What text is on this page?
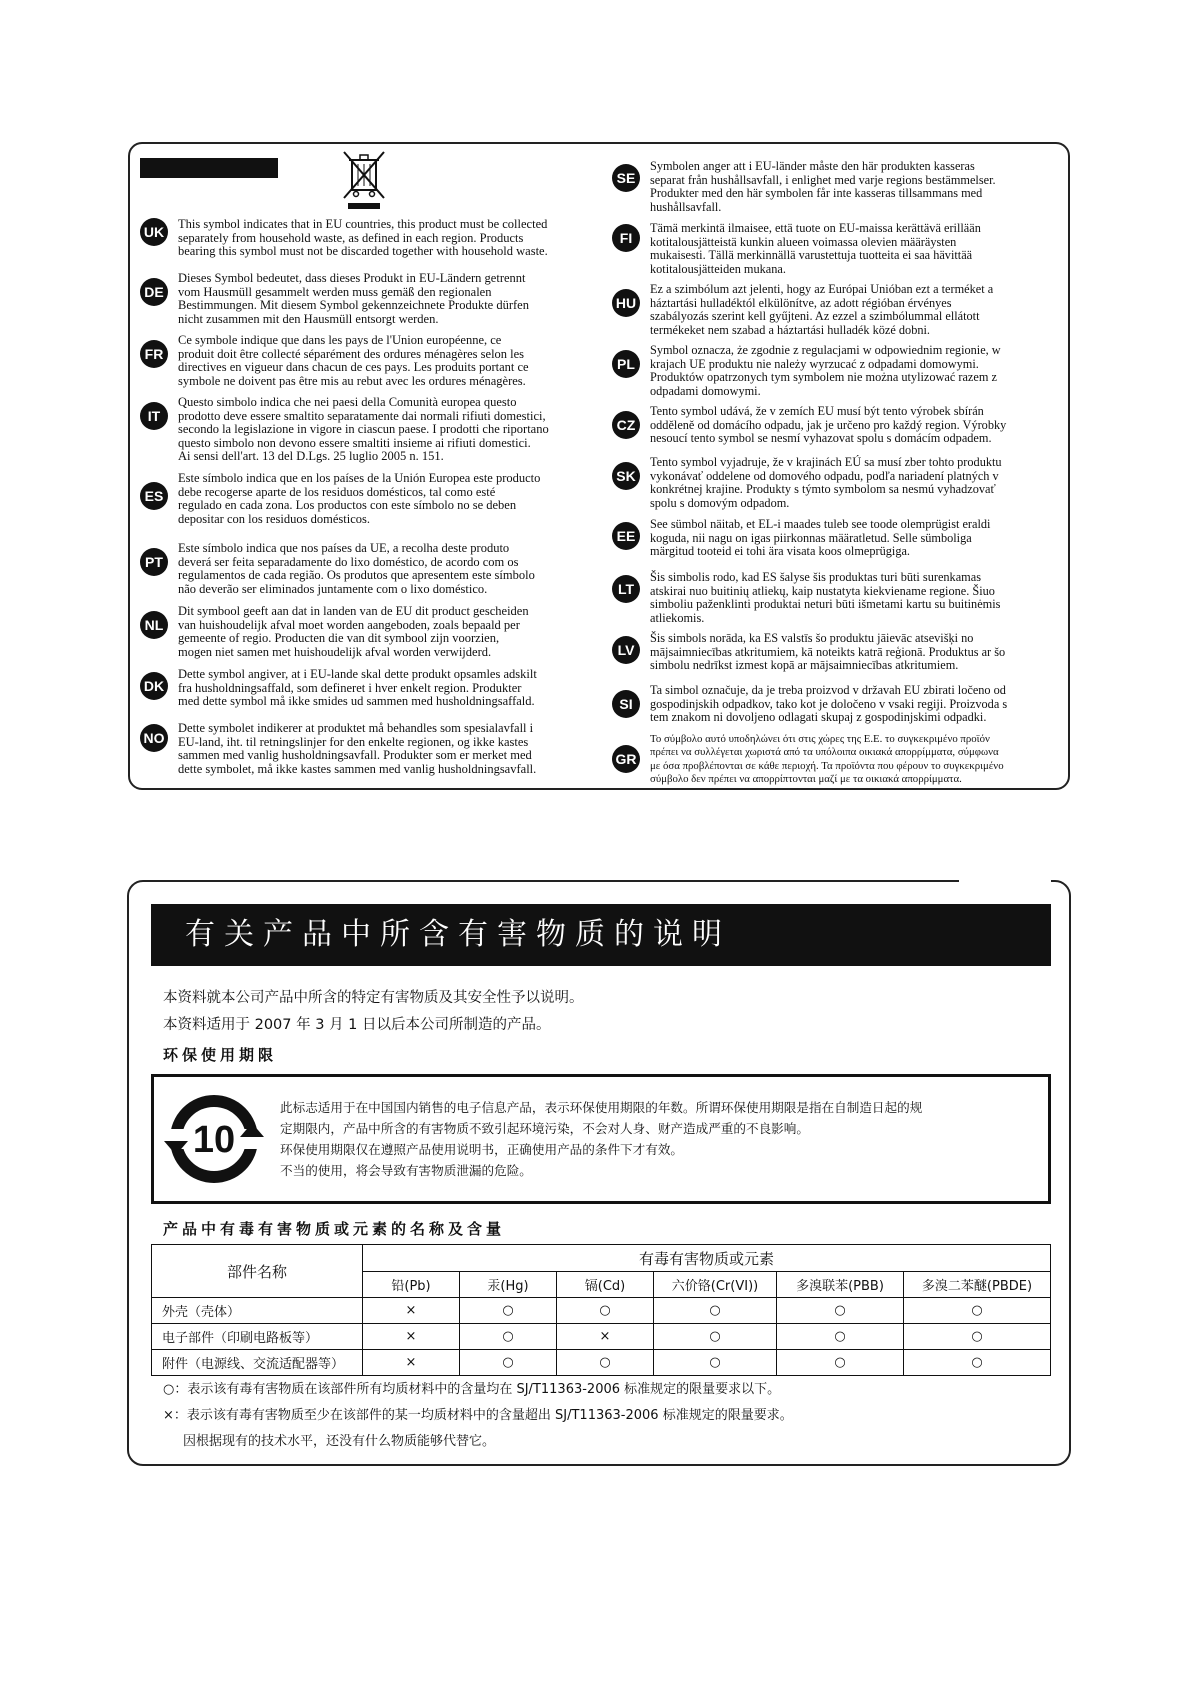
UK	This symbol indicates that in EU countries, this product must be collected
separately from household waste, as defined in each region. Products
bearing this symbol must not be discarded together with household waste.
DE
Dieses Symbol bedeutet, dass dieses Produkt in EU-Ländern getrennt
vom Hausmüll gesammelt werden muss gemäß den regionalen
Bestimmungen. Mit diesem Symbol gekennzeichnete Produkte dürfen
nicht zusammen mit den Hausmüll entsorgt werden.
FR
Ce symbole indique que dans les pays de l'Union européenne, ce
produit doit être collecté séparément des ordures ménagères selon les
directives en vigueur dans chacun de ces pays. Les produits portant ce
symbole ne doivent pas être mis au rebut avec les ordures ménagères.
IT
Questo simbolo indica che nei paesi della Comunità europea questo
prodotto deve essere smaltito separatamente dai normali rifiuti domestici,
secondo la legislazione in vigore in ciascun paese. I prodotti che riportano
questo simbolo non devono essere smaltiti insieme ai rifiuti domestici.
Ai sensi dell'art. 13 del D.Lgs. 25 luglio 2005 n. 151.
ES
Este símbolo indica que en los países de la Unión Europea este producto
debe recogerse aparte de los residuos domésticos, tal como esté
regulado en cada zona. Los productos con este símbolo no se deben
depositar con los residuos domésticos.
PT
Este símbolo indica que nos países da UE, a recolha deste produto
deverá ser feita separadamente do lixo doméstico, de acordo com os
regulamentos de cada região. Os produtos que apresentem este símbolo
não deverão ser eliminados juntamente com o lixo doméstico.
NL
Dit symbool geeft aan dat in landen van de EU dit product gescheiden
van huishoudelijk afval moet worden aangeboden, zoals bepaald per
gemeente of regio. Producten die van dit symbool zijn voorzien,
mogen niet samen met huishoudelijk afval worden verwijderd.
DK
Dette symbol angiver, at i EU-lande skal dette produkt opsamles adskilt
fra husholdningsaffald, som defineret i hver enkelt region. Produkter
med dette symbol må ikke smides ud sammen med husholdningsaffald.
NO
Dette symbolet indikerer at produktet må behandles som spesialavfall i
EU-land, iht. til retningslinjer for den enkelte regionen, og ikke kastes
sammen med vanlig husholdningsavfall. Produkter som er merket med
dette symbolet, må ikke kastes sammen med vanlig husholdningsavfall.
SE
Symbolen anger att i EU-länder måste den här produkten kasseras
separat från hushållsavfall, i enlighet med varje regions bestämmelser.
Produkter med den här symbolen får inte kasseras tillsammans med
hushållsavfall.
FI
Tämä merkintä ilmaisee, että tuote on EU-maissa kerättävä erillään
kotitalousjätteistä kunkin alueen voimassa olevien määräysten
mukaisesti. Tällä merkinnällä varustettuja tuotteita ei saa hävittää
kotitalousjätteiden mukana.
HU
Ez a szimbólum azt jelenti, hogy az Európai Unióban ezt a terméket a
háztartási hulladéktól elkülönítve, az adott régióban érvényes
szabályozás szerint kell gyűjteni. Az ezzel a szimbólummal ellátott
termékeket nem szabad a háztartási hulladék közé dobni.
PL
Symbol oznacza, że zgodnie z regulacjami w odpowiednim regionie, w
krajach UE produktu nie należy wyrzucać z odpadami domowymi.
Produktów opatrzonych tym symbolem nie można utylizować razem z
odpadami domowymi.
CZ
Tento symbol udává, že v zemích EU musí být tento výrobek sbírán
odděleně od domácího odpadu, jak je určeno pro každý region. Výrobky
nesoucí tento symbol se nesmí vyhazovat spolu s domácím odpadem.
SK
Tento symbol vyjadruje, že v krajinách EÚ sa musí zber tohto produktu
vykonávať oddelene od domového odpadu, podľa nariadení platných v
konkrétnej krajine. Produkty s týmto symbolom sa nesmú vyhadzovať
spolu s domovým odpadom.
EE
See sümbol näitab, et EL-i maades tuleb see toode olemprügist eraldi
koguda, nii nagu on igas piirkonnas määratletud. Selle sümboliga
märgitud tooteid ei tohi ära visata koos olmeprügiga.
LT
Šis simbolis rodo, kad ES šalyse šis produktas turi būti surenkamas
atskirai nuo buitinių atliekų, kaip nustatyta kiekviename regione. Šiuo
simboliu paženklinti produktai neturi būti išmetami kartu su buitinėmis
atliekomis.
LV
Šis simbols norāda, ka ES valstīs šo produktu jāievāc atsevišķi no
mājsaimniecības atkritumiem, kā noteikts katrā reģionā. Produktus ar šo
simbolu nedrīkst izmest kopā ar mājsaimniecības atkritumiem.
SI
Ta simbol označuje, da je treba proizvod v državah EU zbirati ločeno od
gospodinjskih odpadkov, tako kot je določeno v vsaki regiji. Proizvoda s
tem znakom ni dovoljeno odlagati skupaj z gospodinjskimi odpadki.
GR
Το σύμβολο αυτό υποδηλώνει ότι στις χώρες της Ε.Ε. το συγκεκριμένο προϊόν
πρέπει να συλλέγεται χωριστά από τα υπόλοιπα οικιακά απορρίμματα, σύμφωνα
με όσα προβλέπονται σε κάθε περιοχή. Τα προϊόντα που φέρουν το συγκεκριμένο
σύμβολο δεν πρέπει να απορρίπτονται μαζί με τα οικιακά απορρίμματα.
有关产品中所含有害物质的说明
本资料就本公司产品中所含的特定有害物质及其安全性予以说明。
本资料适用于 2007 年 3 月 1 日以后本公司所制造的产品。
环保使用期限
10
此标志适用于在中国国内销售的电子信息产品，表示环保使用期限的年数。所谓环保使用期限是指在自制造日起的规
定期限内，产品中所含的有害物质不致引起环境污染，不会对人身、财产造成严重的不良影响。
环保使用期限仅在遵照产品使用说明书，正确使用产品的条件下才有效。
不当的使用，将会导致有害物质泄漏的危险。
产品中有毒有害物质或元素的名称及含量
部件名称	有毒有害物质或元素					
	铅(Pb)	汞(Hg)	镉(Cd)	六价铬(Cr(VI))	多溴联苯(PBB)	多溴二苯醚(PBDE)
外壳（壳体）	×	○	○	○	○	○
电子部件（印刷电路板等）	×	○	×	○	○	○
附件（电源线、交流适配器等）	×	○	○	○	○	○
○：表示该有毒有害物质在该部件所有均质材料中的含量均在 SJ/T11363-2006 标准规定的限量要求以下。
×：表示该有毒有害物质至少在该部件的某一均质材料中的含量超出 SJ/T11363-2006 标准规定的限量要求。
因根据现有的技术水平，还没有什么物质能够代替它。
